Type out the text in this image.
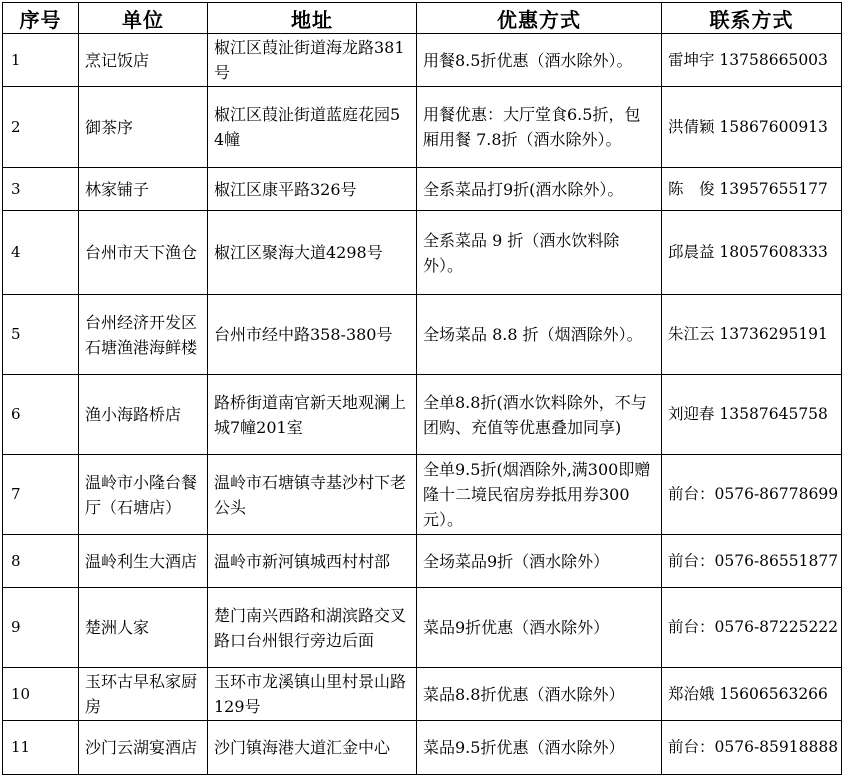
序号	单位	地址	优惠方式	联系方式
1	烹记饭店	椒江区葭沚街道海龙路381号	用餐8.5折优惠（酒水除外）。	雷坤宇 13758665003
2	御茶序	椒江区葭沚街道蓝庭花园54幢	用餐优惠：大厅堂食6.5折，包厢用餐 7.8折（酒水除外）。	洪倩颖 15867600913
3	林家铺子	椒江区康平路326号	全系菜品打9折(酒水除外）。	陈　俊 13957655177
4	台州市天下渔仓	椒江区聚海大道4298号	全系菜品 9 折（酒水饮料除外）。	邱晨益 18057608333
5	台州经济开发区石塘渔港海鲜楼	台州市经中路358-380号	全场菜品 8.8 折（烟酒除外）。	朱江云 13736295191
6	渔小海路桥店	路桥街道南官新天地观澜上城7幢201室	全单8.8折(酒水饮料除外，不与团购、充值等优惠叠加同享)	刘迎春 13587645758
7	温岭市小隆台餐厅（石塘店）	温岭市石塘镇寺基沙村下老公头	全单9.5折(烟酒除外,满300即赠隆十二境民宿房券抵用券300元）。	前台：0576-86778699
8	温岭利生大酒店	温岭市新河镇城西村村部	全场菜品9折（酒水除外）	前台：0576-86551877
9	楚洲人家	楚门南兴西路和湖滨路交叉路口台州银行旁边后面	菜品9折优惠（酒水除外）	前台：0576-87225222
10	玉环古早私家厨房	玉环市龙溪镇山里村景山路129号	菜品8.8折优惠（酒水除外）	郑治娥 15606563266
11	沙门云湖宴酒店	沙门镇海港大道汇金中心	菜品9.5折优惠（酒水除外）	前台：0576-85918888
